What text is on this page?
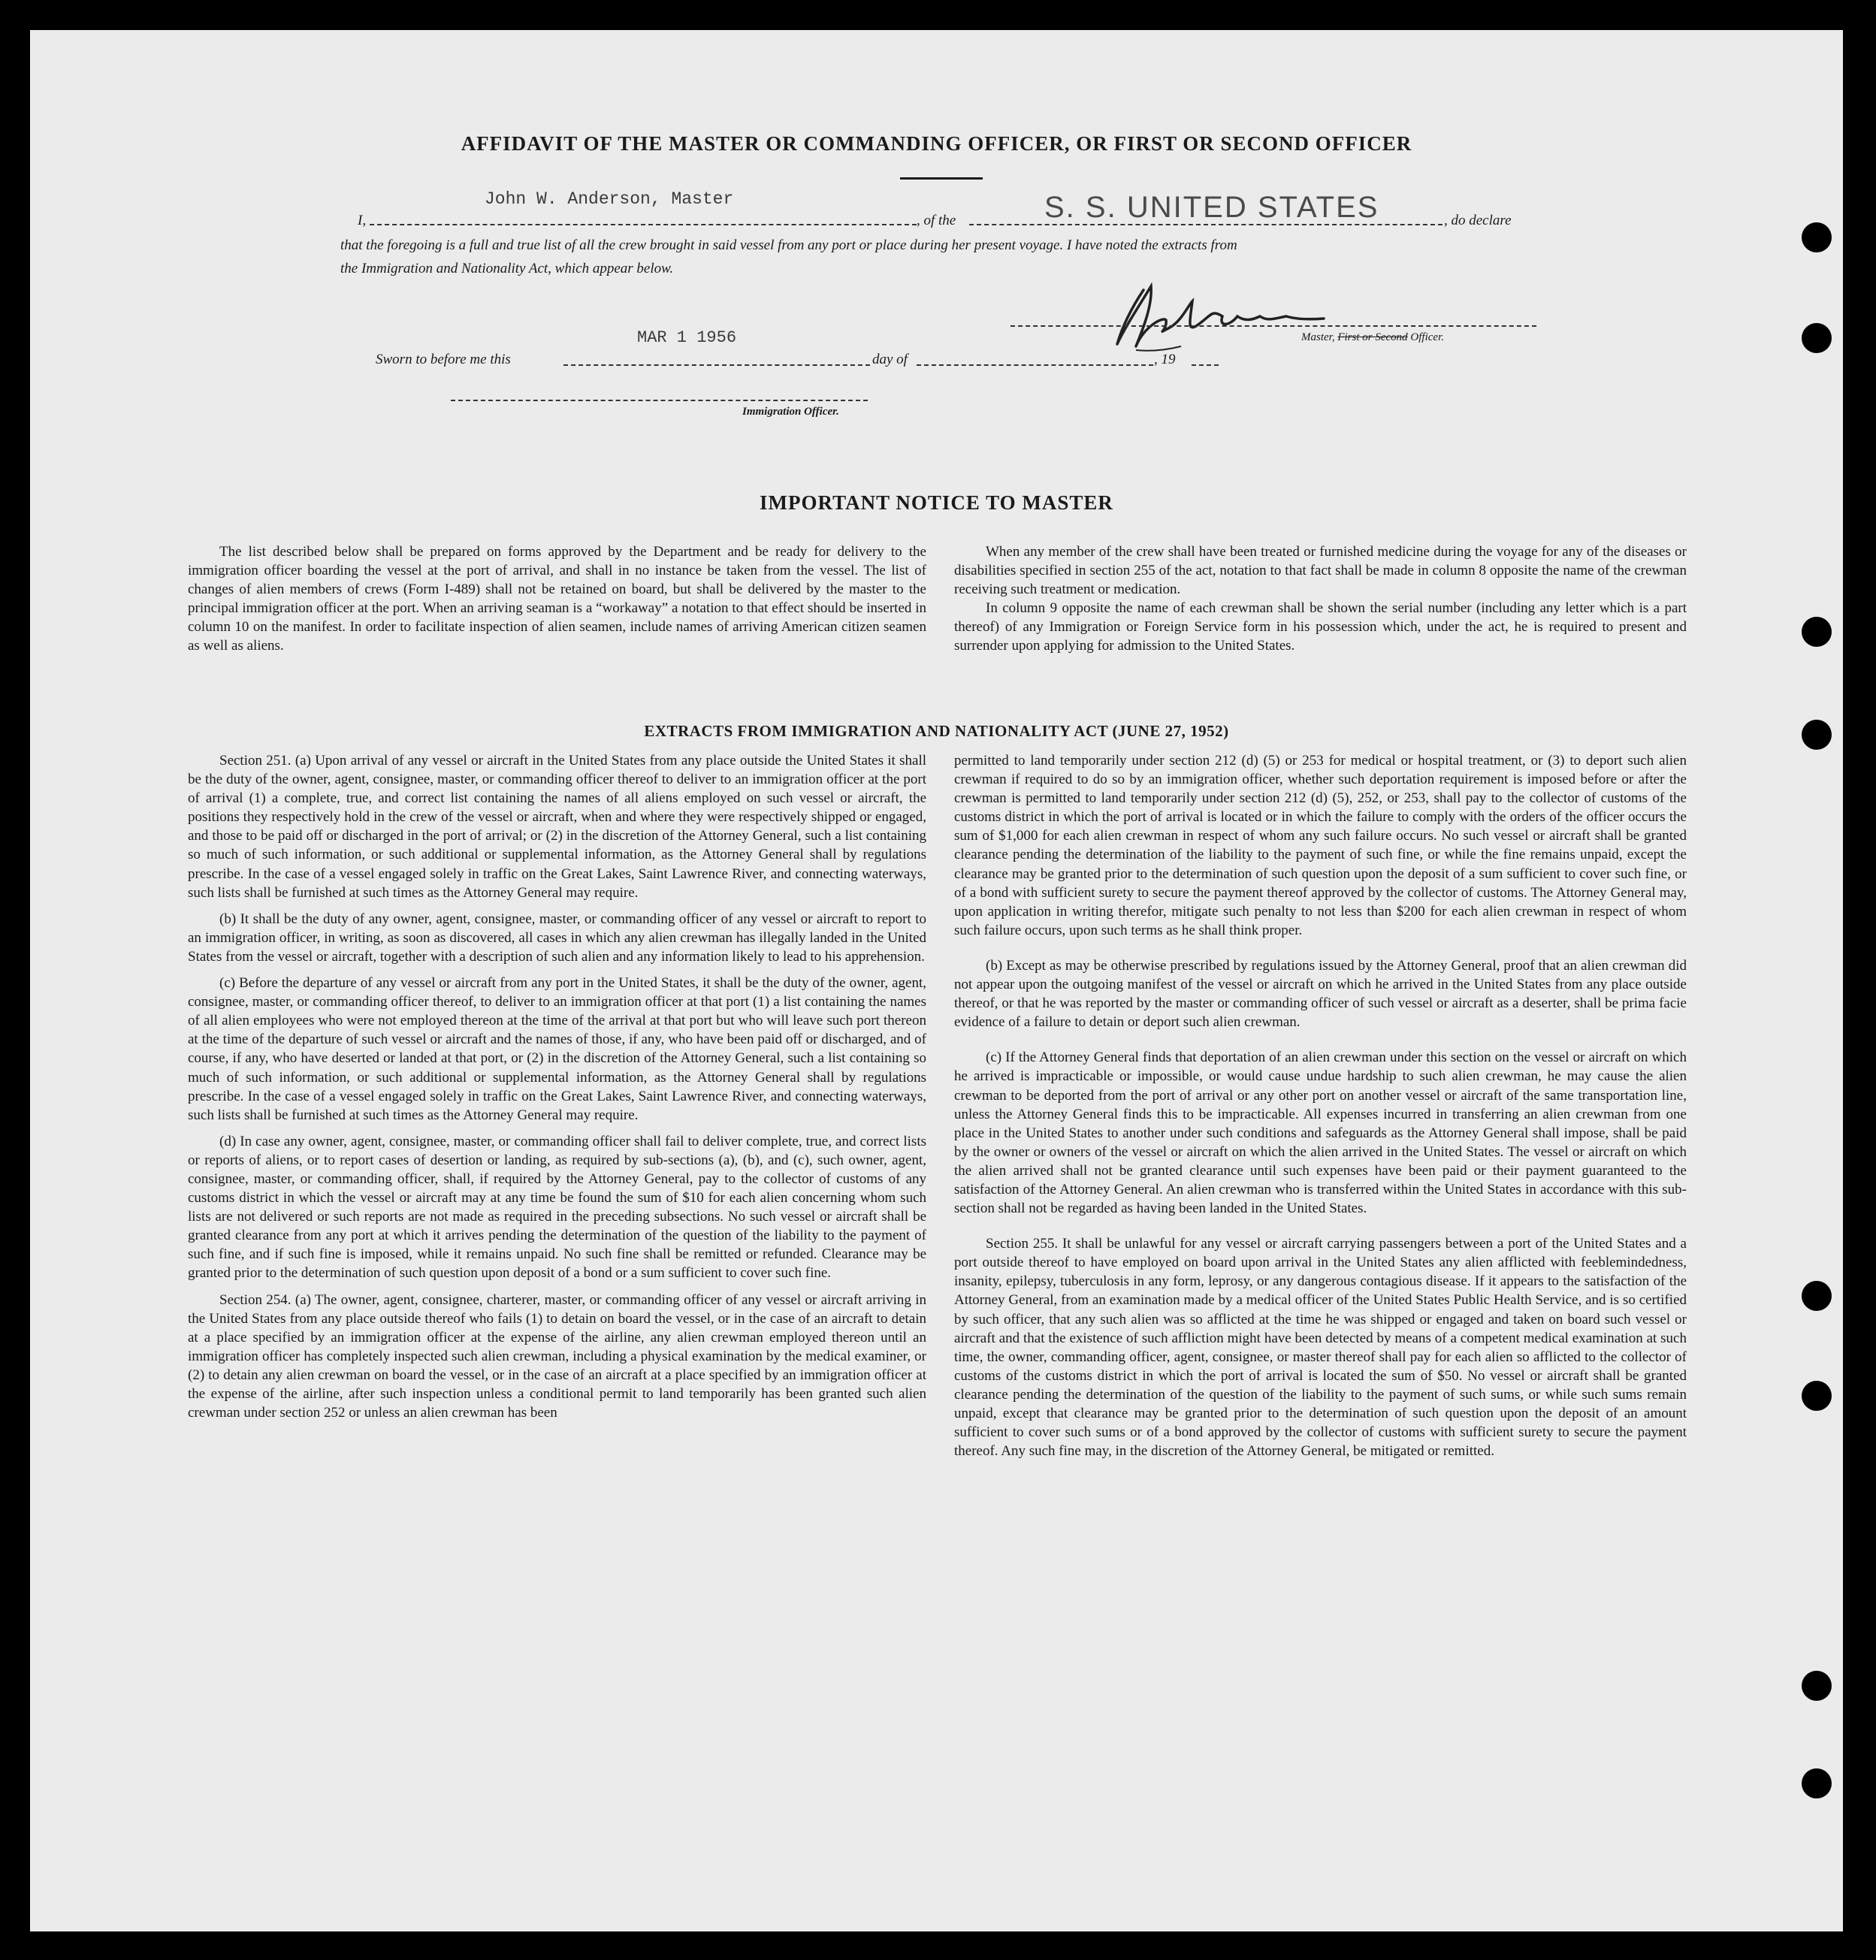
AFFIDAVIT OF THE MASTER OR COMMANDING OFFICER, OR FIRST OR SECOND OFFICER
John W. Anderson, Master	S. S. UNITED STATES
I,	, of the	, do declare
that the foregoing is a full and true list of all the crew brought in said vessel from any port or place during her present voyage. I have noted the extracts from
the Immigration and Nationality Act, which appear below.
MAR 1 1956	Master, First or Second Officer.
Sworn to before me this	day of	, 19
Immigration Officer.
IMPORTANT NOTICE TO MASTER

The list described below shall be prepared on forms approved by the Department and be ready for delivery to the immigration officer boarding the vessel at the port of arrival, and shall in no instance be taken from the vessel. The list of changes of alien members of crews (Form I-489) shall not be retained on board, but shall be delivered by the master to the principal immigration officer at the port. When an arriving seaman is a “workaway” a notation to that effect should be inserted in column 10 on the manifest. In order to facilitate inspection of alien seamen, include names of arriving American citizen seamen as well as aliens.

When any member of the crew shall have been treated or furnished medicine during the voyage for any of the diseases or disabilities specified in section 255 of the act, notation to that fact shall be made in column 8 opposite the name of the crewman receiving such treatment or medication.

In column 9 opposite the name of each crewman shall be shown the serial number (including any letter which is a part thereof) of any Immigration or Foreign Service form in his possession which, under the act, he is required to present and surrender upon applying for admission to the United States.

EXTRACTS FROM IMMIGRATION AND NATIONALITY ACT (JUNE 27, 1952)

Section 251. (a) Upon arrival of any vessel or aircraft in the United States from any place outside the United States it shall be the duty of the owner, agent, consignee, master, or commanding officer thereof to deliver to an immigration officer at the port of arrival (1) a complete, true, and correct list containing the names of all aliens employed on such vessel or aircraft, the positions they respectively hold in the crew of the vessel or aircraft, when and where they were respectively shipped or engaged, and those to be paid off or discharged in the port of arrival; or (2) in the discretion of the Attorney General, such a list containing so much of such information, or such additional or supplemental information, as the Attorney General shall by regulations prescribe. In the case of a vessel engaged solely in traffic on the Great Lakes, Saint Lawrence River, and connecting waterways, such lists shall be furnished at such times as the Attorney General may require.

(b) It shall be the duty of any owner, agent, consignee, master, or commanding officer of any vessel or aircraft to report to an immigration officer, in writing, as soon as discovered, all cases in which any alien crewman has illegally landed in the United States from the vessel or aircraft, together with a description of such alien and any information likely to lead to his apprehension.

(c) Before the departure of any vessel or aircraft from any port in the United States, it shall be the duty of the owner, agent, consignee, master, or commanding officer thereof, to deliver to an immigration officer at that port (1) a list containing the names of all alien employees who were not employed thereon at the time of the arrival at that port but who will leave such port thereon at the time of the departure of such vessel or aircraft and the names of those, if any, who have been paid off or discharged, and of course, if any, who have deserted or landed at that port, or (2) in the discretion of the Attorney General, such a list containing so much of such information, or such additional or supplemental information, as the Attorney General shall by regulations prescribe. In the case of a vessel engaged solely in traffic on the Great Lakes, Saint Lawrence River, and connecting waterways, such lists shall be furnished at such times as the Attorney General may require.

(d) In case any owner, agent, consignee, master, or commanding officer shall fail to deliver complete, true, and correct lists or reports of aliens, or to report cases of desertion or landing, as required by sub-sections (a), (b), and (c), such owner, agent, consignee, master, or commanding officer, shall, if required by the Attorney General, pay to the collector of customs of any customs district in which the vessel or aircraft may at any time be found the sum of $10 for each alien concerning whom such lists are not delivered or such reports are not made as required in the preceding subsections. No such vessel or aircraft shall be granted clearance from any port at which it arrives pending the determination of the question of the liability to the payment of such fine, and if such fine is imposed, while it remains unpaid. No such fine shall be remitted or refunded. Clearance may be granted prior to the determination of such question upon deposit of a bond or a sum sufficient to cover such fine.

Section 254. (a) The owner, agent, consignee, charterer, master, or commanding officer of any vessel or aircraft arriving in the United States from any place outside thereof who fails (1) to detain on board the vessel, or in the case of an aircraft to detain at a place specified by an immigration officer at the expense of the airline, any alien crewman employed thereon until an immigration officer has completely inspected such alien crewman, including a physical examination by the medical examiner, or (2) to detain any alien crewman on board the vessel, or in the case of an aircraft at a place specified by an immigration officer at the expense of the airline, after such inspection unless a conditional permit to land temporarily has been granted such alien crewman under section 252 or unless an alien crewman has been

permitted to land temporarily under section 212 (d) (5) or 253 for medical or hospital treatment, or (3) to deport such alien crewman if required to do so by an immigration officer, whether such deportation requirement is imposed before or after the crewman is permitted to land temporarily under section 212 (d) (5), 252, or 253, shall pay to the collector of customs of the customs district in which the port of arrival is located or in which the failure to comply with the orders of the officer occurs the sum of $1,000 for each alien crewman in respect of whom any such failure occurs. No such vessel or aircraft shall be granted clearance pending the determination of the liability to the payment of such fine, or while the fine remains unpaid, except the clearance may be granted prior to the determination of such question upon the deposit of a sum sufficient to cover such fine, or of a bond with sufficient surety to secure the payment thereof approved by the collector of customs. The Attorney General may, upon application in writing therefor, mitigate such penalty to not less than $200 for each alien crewman in respect of whom such failure occurs, upon such terms as he shall think proper.

(b) Except as may be otherwise prescribed by regulations issued by the Attorney General, proof that an alien crewman did not appear upon the outgoing manifest of the vessel or aircraft on which he arrived in the United States from any place outside thereof, or that he was reported by the master or commanding officer of such vessel or aircraft as a deserter, shall be prima facie evidence of a failure to detain or deport such alien crewman.

(c) If the Attorney General finds that deportation of an alien crewman under this section on the vessel or aircraft on which he arrived is impracticable or impossible, or would cause undue hardship to such alien crewman, he may cause the alien crewman to be deported from the port of arrival or any other port on another vessel or aircraft of the same transportation line, unless the Attorney General finds this to be impracticable. All expenses incurred in transferring an alien crewman from one place in the United States to another under such conditions and safeguards as the Attorney General shall impose, shall be paid by the owner or owners of the vessel or aircraft on which the alien arrived in the United States. The vessel or aircraft on which the alien arrived shall not be granted clearance until such expenses have been paid or their payment guaranteed to the satisfaction of the Attorney General. An alien crewman who is transferred within the United States in accordance with this sub-section shall not be regarded as having been landed in the United States.

Section 255. It shall be unlawful for any vessel or aircraft carrying passengers between a port of the United States and a port outside thereof to have employed on board upon arrival in the United States any alien afflicted with feeblemindedness, insanity, epilepsy, tuberculosis in any form, leprosy, or any dangerous contagious disease. If it appears to the satisfaction of the Attorney General, from an examination made by a medical officer of the United States Public Health Service, and is so certified by such officer, that any such alien was so afflicted at the time he was shipped or engaged and taken on board such vessel or aircraft and that the existence of such affliction might have been detected by means of a competent medical examination at such time, the owner, commanding officer, agent, consignee, or master thereof shall pay for each alien so afflicted to the collector of customs of the customs district in which the port of arrival is located the sum of $50. No vessel or aircraft shall be granted clearance pending the determination of the question of the liability to the payment of such sums, or while such sums remain unpaid, except that clearance may be granted prior to the determination of such question upon the deposit of an amount sufficient to cover such sums or of a bond approved by the collector of customs with sufficient surety to secure the payment thereof. Any such fine may, in the discretion of the Attorney General, be mitigated or remitted.
